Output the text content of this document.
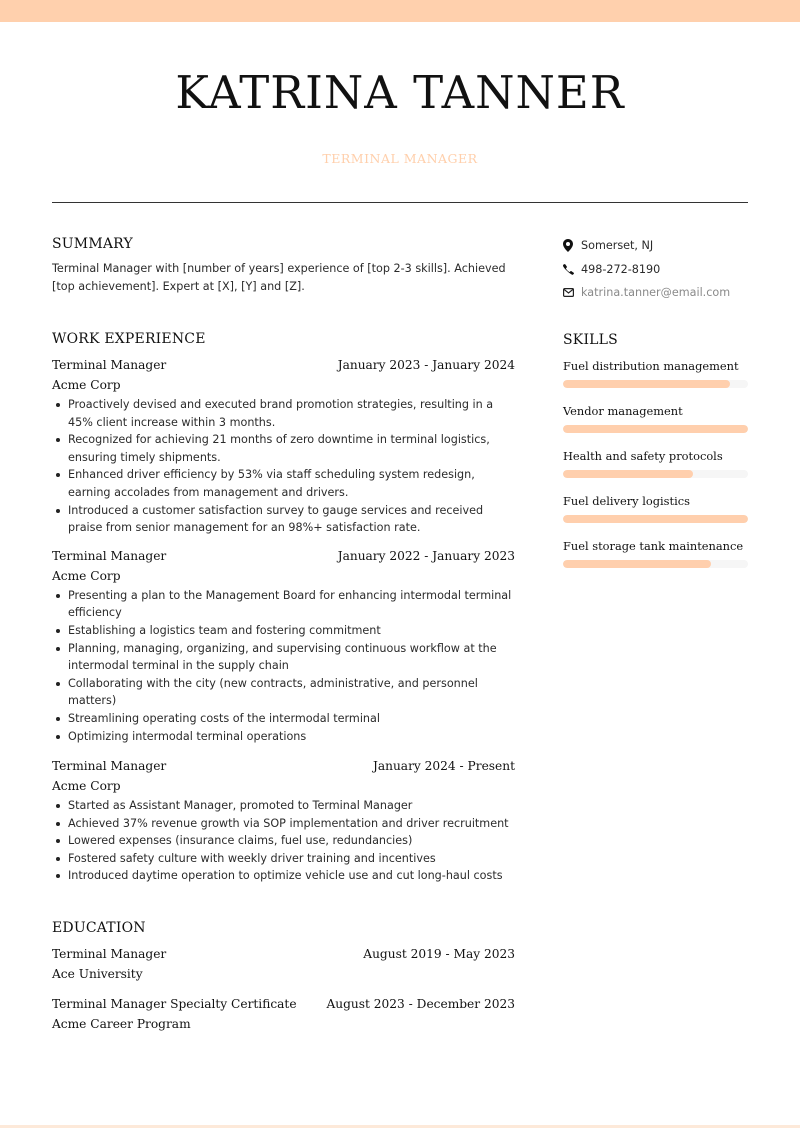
KATRINA TANNER
TERMINAL MANAGER
SUMMARY

Terminal Manager with [number of years] experience of [top 2-3 skills]. Achieved [top achievement]. Expert at [X], [Y] and [Z].

WORK EXPERIENCE
Terminal Manager	January 2023 - January 2024
Acme Corp
Proactively devised and executed brand promotion strategies, resulting in a 45% client increase within 3 months.
Recognized for achieving 21 months of zero downtime in terminal logistics, ensuring timely shipments.
Enhanced driver efficiency by 53% via staff scheduling system redesign, earning accolades from management and drivers.
Introduced a customer satisfaction survey to gauge services and received praise from senior management for an 98%+ satisfaction rate.
Terminal Manager	January 2022 - January 2023
Acme Corp
Presenting a plan to the Management Board for enhancing intermodal terminal efficiency
Establishing a logistics team and fostering commitment
Planning, managing, organizing, and supervising continuous workflow at the intermodal terminal in the supply chain
Collaborating with the city (new contracts, administrative, and personnel matters)
Streamlining operating costs of the intermodal terminal
Optimizing intermodal terminal operations
Terminal Manager	January 2024 - Present
Acme Corp
Started as Assistant Manager, promoted to Terminal Manager
Achieved 37% revenue growth via SOP implementation and driver recruitment
Lowered expenses (insurance claims, fuel use, redundancies)
Fostered safety culture with weekly driver training and incentives
Introduced daytime operation to optimize vehicle use and cut long-haul costs
EDUCATION
Terminal Manager	August 2019 - May 2023
Ace University
Terminal Manager Specialty Certificate August 2023 - December 2023
Acme Career Program
Somerset, NJ
498-272-8190
katrina.tanner@email.com
SKILLS
Fuel distribution management
Vendor management
Health and safety protocols
Fuel delivery logistics
Fuel storage tank maintenance
